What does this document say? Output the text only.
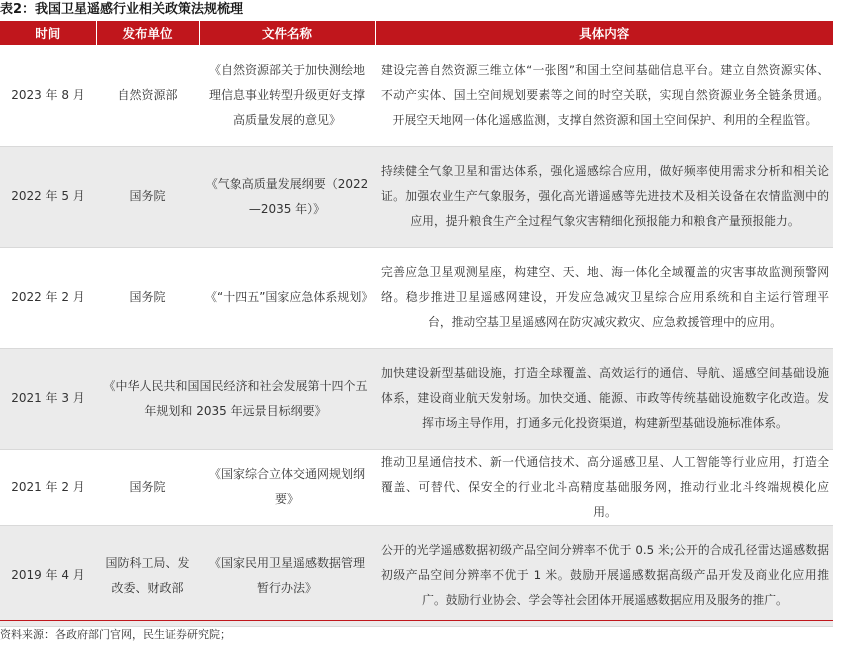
表2：我国卫星遥感行业相关政策法规梳理
时间	发布单位	文件名称	具体内容
2023 年 8 月	自然资源部	《自然资源部关于加快测绘地理信息事业转型升级更好支撑高质量发展的意见》	建设完善自然资源三维立体“一张图”和国土空间基础信息平台。建立自然资源实体、不动产实体、国土空间规划要素等之间的时空关联，实现自然资源业务全链条贯通。开展空天地网一体化遥感监测，支撑自然资源和国土空间保护、利用的全程监管。
2022 年 5 月	国务院	《气象高质量发展纲要（2022—2035 年）》	持续健全气象卫星和雷达体系，强化遥感综合应用，做好频率使用需求分析和相关论证。加强农业生产气象服务，强化高光谱遥感等先进技术及相关设备在农情监测中的应用，提升粮食生产全过程气象灾害精细化预报能力和粮食产量预报能力。
2022 年 2 月	国务院	《“十四五”国家应急体系规划》	完善应急卫星观测星座，构建空、天、地、海一体化全域覆盖的灾害事故监测预警网络。稳步推进卫星遥感网建设，开发应急减灾卫星综合应用系统和自主运行管理平台，推动空基卫星遥感网在防灾减灾救灾、应急救援管理中的应用。
2021 年 3 月	《中华人民共和国国民经济和社会发展第十四个五年规划和 2035 年远景目标纲要》		加快建设新型基础设施，打造全球覆盖、高效运行的通信、导航、遥感空间基础设施体系，建设商业航天发射场。加快交通、能源、市政等传统基础设施数字化改造。发挥市场主导作用，打通多元化投资渠道，构建新型基础设施标准体系。
2021 年 2 月	国务院	《国家综合立体交通网规划纲要》	推动卫星通信技术、新一代通信技术、高分遥感卫星、人工智能等行业应用，打造全覆盖、可替代、保安全的行业北斗高精度基础服务网，推动行业北斗终端规模化应用。
2019 年 4 月	国防科工局、发改委、财政部	《国家民用卫星遥感数据管理暂行办法》	公开的光学遥感数据初级产品空间分辨率不优于 0.5 米;公开的合成孔径雷达遥感数据初级产品空间分辨率不优于 1 米。鼓励开展遥感数据高级产品开发及商业化应用推广。鼓励行业协会、学会等社会团体开展遥感数据应用及服务的推广。
资料来源：各政府部门官网，民生证券研究院；
